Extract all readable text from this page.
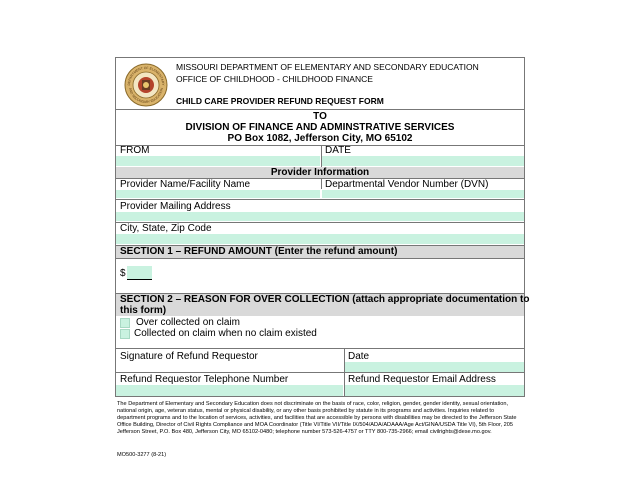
DEPARTMENT OF ELEMENTARY
AND SECONDARY EDUCATION
MISSOURI DEPARTMENT OF ELEMENTARY AND SECONDARY EDUCATION
OFFICE OF CHILDHOOD - CHILDHOOD FINANCE
CHILD CARE PROVIDER REFUND REQUEST FORM
TO
DIVISION OF FINANCE AND ADMINSTRATIVE SERVICES
PO Box 1082, Jefferson City, MO 65102
FROM	DATE
Provider Information
Provider Name/Facility Name	Departmental Vendor Number (DVN)
Provider Mailing Address
City, State, Zip Code
SECTION 1 – REFUND AMOUNT (Enter the refund amount)
$
SECTION 2 – REASON FOR OVER COLLECTION (attach appropriate documentation to
this form)
Over collected on claim
Collected on claim when no claim existed
Signature of Refund Requestor	Date
Refund Requestor Telephone Number	Refund Requestor Email Address
The Department of Elementary and Secondary Education does not discriminate on the basis of race, color, religion, gender, gender identity, sexual orientation, national origin, age, veteran status, mental or physical disability, or any other basis prohibited by statute in its programs and activities. Inquiries related to department programs and to the location of services, activities, and facilities that are accessible by persons with disabilities may be directed to the Jefferson State Office Building, Director of Civil Rights Compliance and MOA Coordinator (Title VI/Title VII/Title IX/504/ADA/ADAAA/Age Act/GINA/USDA Title VI), 5th Floor, 205 Jefferson Street, P.O. Box 480, Jefferson City, MO 65102-0480; telephone number 573-526-4757 or TTY 800-735-2966; email civilrights@dese.mo.gov.
MO500-3277 (8-21)
